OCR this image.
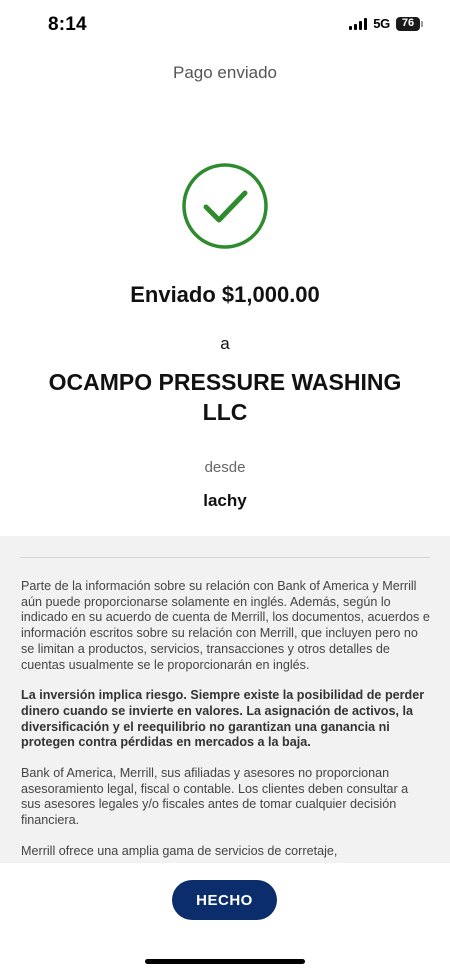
8:14	5G 76
Pago enviado
Enviado $1,000.00
a
OCAMPO PRESSURE WASHING LLC
desde
lachy

Parte de la información sobre su relación con Bank of America y Merrill aún puede proporcionarse solamente en inglés. Además, según lo indicado en su acuerdo de cuenta de Merrill, los documentos, acuerdos e información escritos sobre su relación con Merrill, que incluyen pero no se limitan a productos, servicios, transacciones y otros detalles de cuentas usualmente se le proporcionarán en inglés.

La inversión implica riesgo. Siempre existe la posibilidad de perder dinero cuando se invierte en valores. La asignación de activos, la diversificación y el reequilibrio no garantizan una ganancia ni protegen contra pérdidas en mercados a la baja.

Bank of America, Merrill, sus afiliadas y asesores no proporcionan asesoramiento legal, fiscal o contable. Los clientes deben consultar a sus asesores legales y/o fiscales antes de tomar cualquier decisión financiera.

Merrill ofrece una amplia gama de servicios de corretaje,

HECHO
